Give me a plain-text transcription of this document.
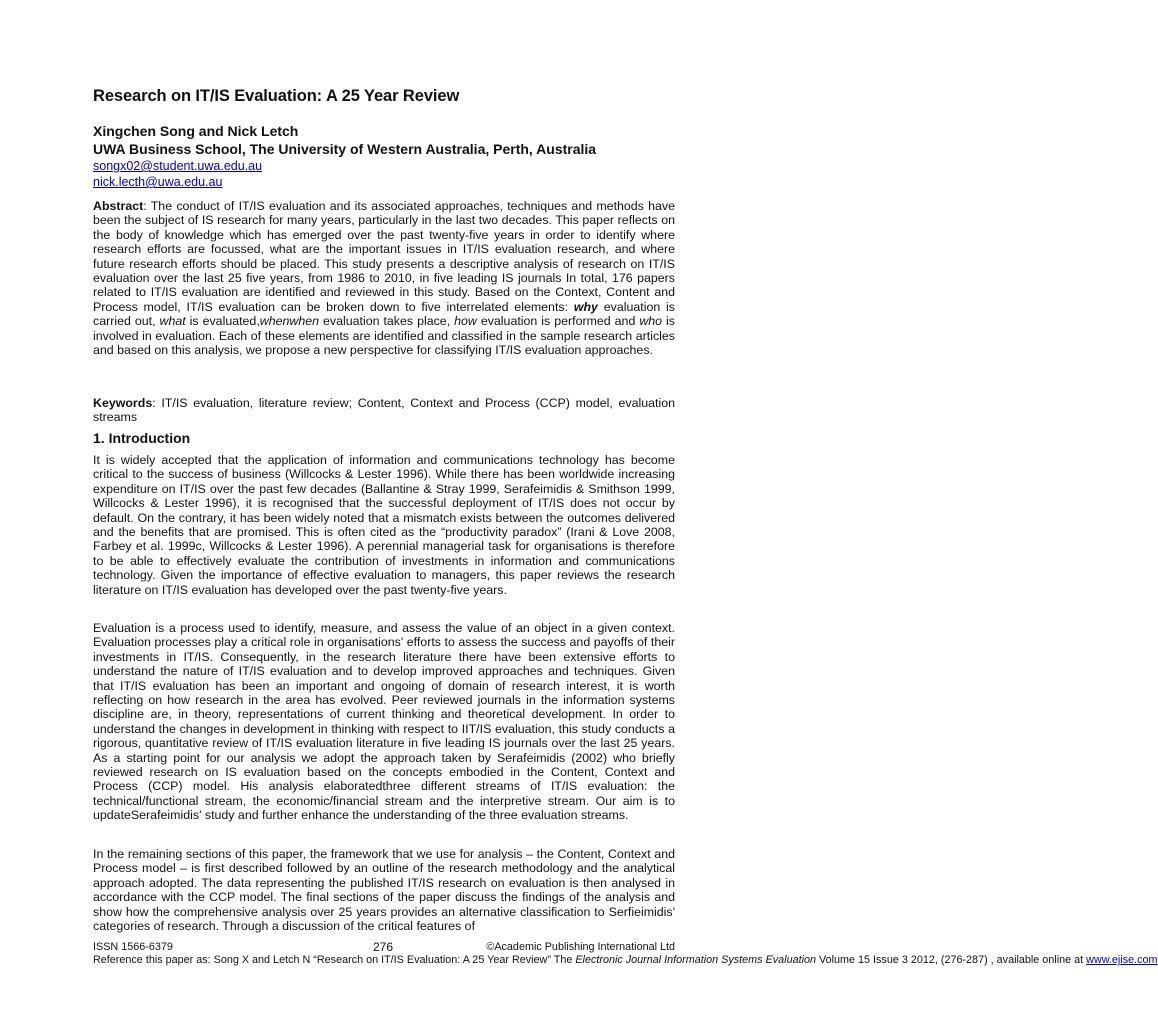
Research on IT/IS Evaluation: A 25 Year Review
Xingchen Song and Nick Letch
UWA Business School, The University of Western Australia, Perth, Australia
songx02@student.uwa.edu.au
nick.lecth@uwa.edu.au

Abstract: The conduct of IT/IS evaluation and its associated approaches, techniques and methods have been the subject of IS research for many years, particularly in the last two decades. This paper reflects on the body of knowledge which has emerged over the past twenty-five years in order to identify where research efforts are focussed, what are the important issues in IT/IS evaluation research, and where future research efforts should be placed. This study presents a descriptive analysis of research on IT/IS evaluation over the last 25 five years, from 1986 to 2010, in five leading IS journals In total, 176 papers related to IT/IS evaluation are identified and reviewed in this study. Based on the Context, Content and Process model, IT/IS evaluation can be broken down to five interrelated elements: why evaluation is carried out, what is evaluated,whenwhen evaluation takes place, how evaluation is performed and who is involved in evaluation. Each of these elements are identified and classified in the sample research articles and based on this analysis, we propose a new perspective for classifying IT/IS evaluation approaches.

Keywords: IT/IS evaluation, literature review; Content, Context and Process (CCP) model, evaluation streams

1. Introduction

It is widely accepted that the application of information and communications technology has become critical to the success of business (Willcocks & Lester 1996). While there has been worldwide increasing expenditure on IT/IS over the past few decades (Ballantine & Stray 1999, Serafeimidis & Smithson 1999, Willcocks & Lester 1996), it is recognised that the successful deployment of IT/IS does not occur by default. On the contrary, it has been widely noted that a mismatch exists between the outcomes delivered and the benefits that are promised. This is often cited as the “productivity paradox” (Irani & Love 2008, Farbey et al. 1999c, Willcocks & Lester 1996). A perennial managerial task for organisations is therefore to be able to effectively evaluate the contribution of investments in information and communications technology. Given the importance of effective evaluation to managers, this paper reviews the research literature on IT/IS evaluation has developed over the past twenty-five years.

Evaluation is a process used to identify, measure, and assess the value of an object in a given context. Evaluation processes play a critical role in organisations' efforts to assess the success and payoffs of their investments in IT/IS. Consequently, in the research literature there have been extensive efforts to understand the nature of IT/IS evaluation and to develop improved approaches and techniques. Given that IT/IS evaluation has been an important and ongoing of domain of research interest, it is worth reflecting on how research in the area has evolved. Peer reviewed journals in the information systems discipline are, in theory, representations of current thinking and theoretical development. In order to understand the changes in development in thinking with respect to IIT/IS evaluation, this study conducts a rigorous, quantitative review of IT/IS evaluation literature in five leading IS journals over the last 25 years. As a starting point for our analysis we adopt the approach taken by Serafeimidis (2002) who briefly reviewed research on IS evaluation based on the concepts embodied in the Content, Context and Process (CCP) model. His analysis elaboratedthree different streams of IT/IS evaluation: the technical/functional stream, the economic/financial stream and the interpretive stream. Our aim is to updateSerafeimidis' study and further enhance the understanding of the three evaluation streams.

In the remaining sections of this paper, the framework that we use for analysis – the Content, Context and Process model – is first described followed by an outline of the research methodology and the analytical approach adopted. The data representing the published IT/IS research on evaluation is then analysed in accordance with the CCP model. The final sections of the paper discuss the findings of the analysis and show how the comprehensive analysis over 25 years provides an alternative classification to Serfieimidis' categories of research. Through a discussion of the critical features of

ISSN 1566-6379	276	©Academic Publishing International Ltd
Reference this paper as: Song X and Letch N “Research on IT/IS Evaluation: A 25 Year Review” The Electronic Journal Information Systems Evaluation Volume 15 Issue 3 2012, (276-287) , available online at www.ejise.com
